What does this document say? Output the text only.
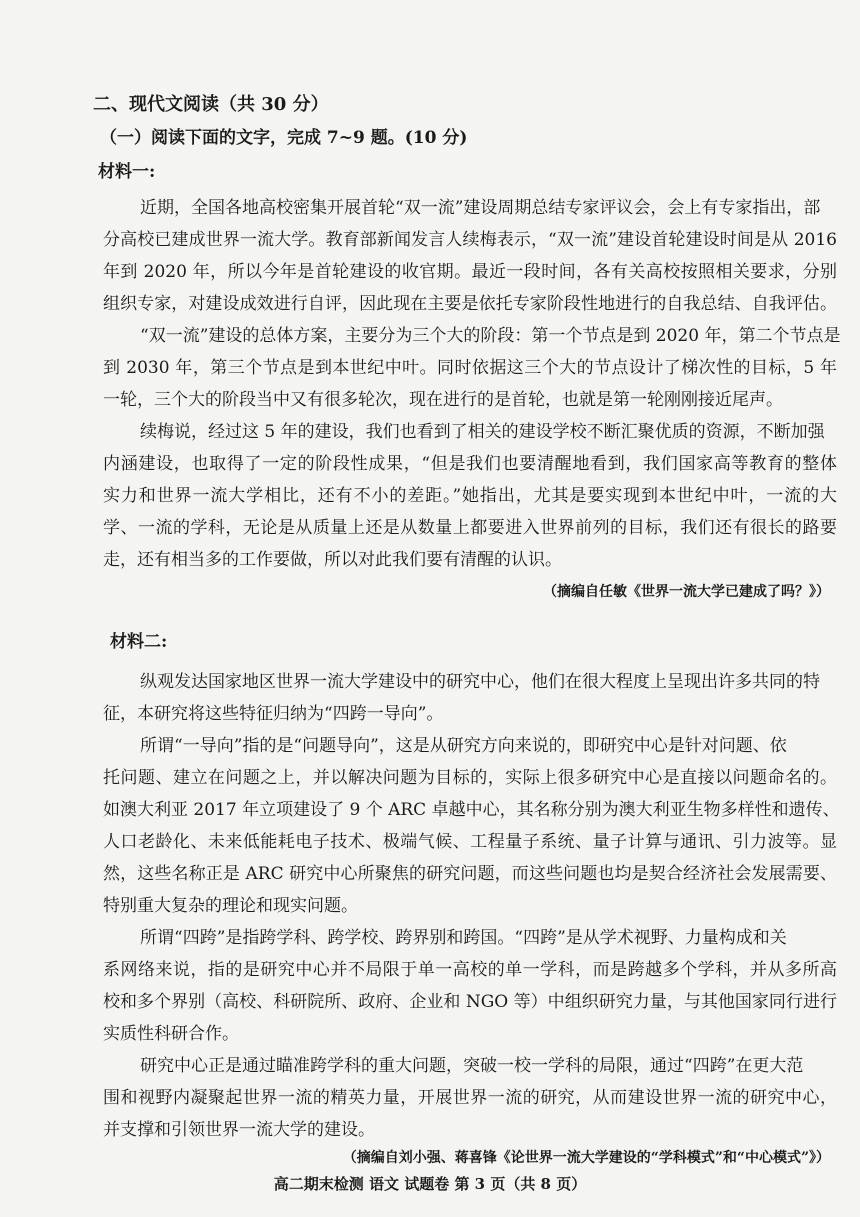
二、现代文阅读（共 30 分）

（一）阅读下面的文字，完成 7~9 题。(10 分)

材料一:

近期，全国各地高校密集开展首轮“双一流”建设周期总结专家评议会，会上有专家指出，部

分高校已建成世界一流大学。教育部新闻发言人续梅表示，“双一流”建设首轮建设时间是从 2016

年到 2020 年，所以今年是首轮建设的收官期。最近一段时间，各有关高校按照相关要求，分别

组织专家，对建设成效进行自评，因此现在主要是依托专家阶段性地进行的自我总结、自我评估。

“双一流”建设的总体方案，主要分为三个大的阶段：第一个节点是到 2020 年，第二个节点是

到 2030 年，第三个节点是到本世纪中叶。同时依据这三个大的节点设计了梯次性的目标，5 年

一轮，三个大的阶段当中又有很多轮次，现在进行的是首轮，也就是第一轮刚刚接近尾声。

续梅说，经过这 5 年的建设，我们也看到了相关的建设学校不断汇聚优质的资源，不断加强

内涵建设，也取得了一定的阶段性成果，“但是我们也要清醒地看到，我们国家高等教育的整体

实力和世界一流大学相比，还有不小的差距。”她指出，尤其是要实现到本世纪中叶，一流的大

学、一流的学科，无论是从质量上还是从数量上都要进入世界前列的目标，我们还有很长的路要

走，还有相当多的工作要做，所以对此我们要有清醒的认识。

（摘编自任敏《世界一流大学已建成了吗？》）

材料二:

纵观发达国家地区世界一流大学建设中的研究中心，他们在很大程度上呈现出许多共同的特

征，本研究将这些特征归纳为“四跨一导向”。

所谓“一导向”指的是“问题导向”，这是从研究方向来说的，即研究中心是针对问题、依

托问题、建立在问题之上，并以解决问题为目标的，实际上很多研究中心是直接以问题命名的。

如澳大利亚 2017 年立项建设了 9 个 ARC 卓越中心，其名称分别为澳大利亚生物多样性和遗传、

人口老龄化、未来低能耗电子技术、极端气候、工程量子系统、量子计算与通讯、引力波等。显

然，这些名称正是 ARC 研究中心所聚焦的研究问题，而这些问题也均是契合经济社会发展需要、

特别重大复杂的理论和现实问题。

所谓“四跨”是指跨学科、跨学校、跨界别和跨国。“四跨”是从学术视野、力量构成和关

系网络来说，指的是研究中心并不局限于单一高校的单一学科，而是跨越多个学科，并从多所高

校和多个界别（高校、科研院所、政府、企业和 NGO 等）中组织研究力量，与其他国家同行进行

实质性科研合作。

研究中心正是通过瞄准跨学科的重大问题，突破一校一学科的局限，通过“四跨”在更大范

围和视野内凝聚起世界一流的精英力量，开展世界一流的研究，从而建设世界一流的研究中心，

并支撑和引领世界一流大学的建设。

（摘编自刘小强、蒋喜锋《论世界一流大学建设的“学科模式”和“中心模式”》）

高二期末检测 语文 试题卷 第 3 页（共 8 页）
